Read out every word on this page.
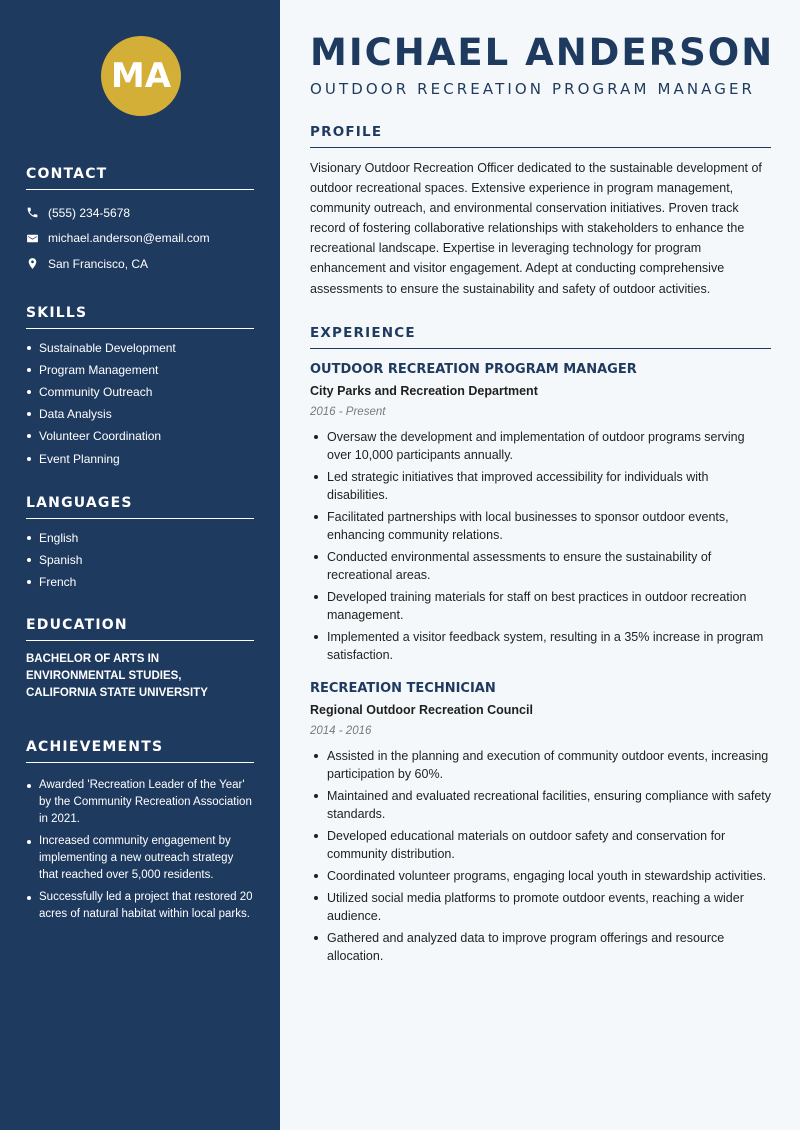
MA
CONTACT
(555) 234-5678
michael.anderson@email.com
San Francisco, CA
SKILLS
Sustainable Development
Program Management
Community Outreach
Data Analysis
Volunteer Coordination
Event Planning
LANGUAGES
English
Spanish
French
EDUCATION

BACHELOR OF ARTS IN ENVIRONMENTAL STUDIES, CALIFORNIA STATE UNIVERSITY

ACHIEVEMENTS
Awarded 'Recreation Leader of the Year' by the Community Recreation Association in 2021.
Increased community engagement by implementing a new outreach strategy that reached over 5,000 residents.
Successfully led a project that restored 20 acres of natural habitat within local parks.
MICHAEL ANDERSON
OUTDOOR RECREATION PROGRAM MANAGER
PROFILE

Visionary Outdoor Recreation Officer dedicated to the sustainable development of outdoor recreational spaces. Extensive experience in program management, community outreach, and environmental conservation initiatives. Proven track record of fostering collaborative relationships with stakeholders to enhance the recreational landscape. Expertise in leveraging technology for program enhancement and visitor engagement. Adept at conducting comprehensive assessments to ensure the sustainability and safety of outdoor activities.

EXPERIENCE
OUTDOOR RECREATION PROGRAM MANAGER
City Parks and Recreation Department
2016 - Present
Oversaw the development and implementation of outdoor programs serving over 10,000 participants annually.
Led strategic initiatives that improved accessibility for individuals with disabilities.
Facilitated partnerships with local businesses to sponsor outdoor events, enhancing community relations.
Conducted environmental assessments to ensure the sustainability of recreational areas.
Developed training materials for staff on best practices in outdoor recreation management.
Implemented a visitor feedback system, resulting in a 35% increase in program satisfaction.
RECREATION TECHNICIAN
Regional Outdoor Recreation Council
2014 - 2016
Assisted in the planning and execution of community outdoor events, increasing participation by 60%.
Maintained and evaluated recreational facilities, ensuring compliance with safety standards.
Developed educational materials on outdoor safety and conservation for community distribution.
Coordinated volunteer programs, engaging local youth in stewardship activities.
Utilized social media platforms to promote outdoor events, reaching a wider audience.
Gathered and analyzed data to improve program offerings and resource allocation.
